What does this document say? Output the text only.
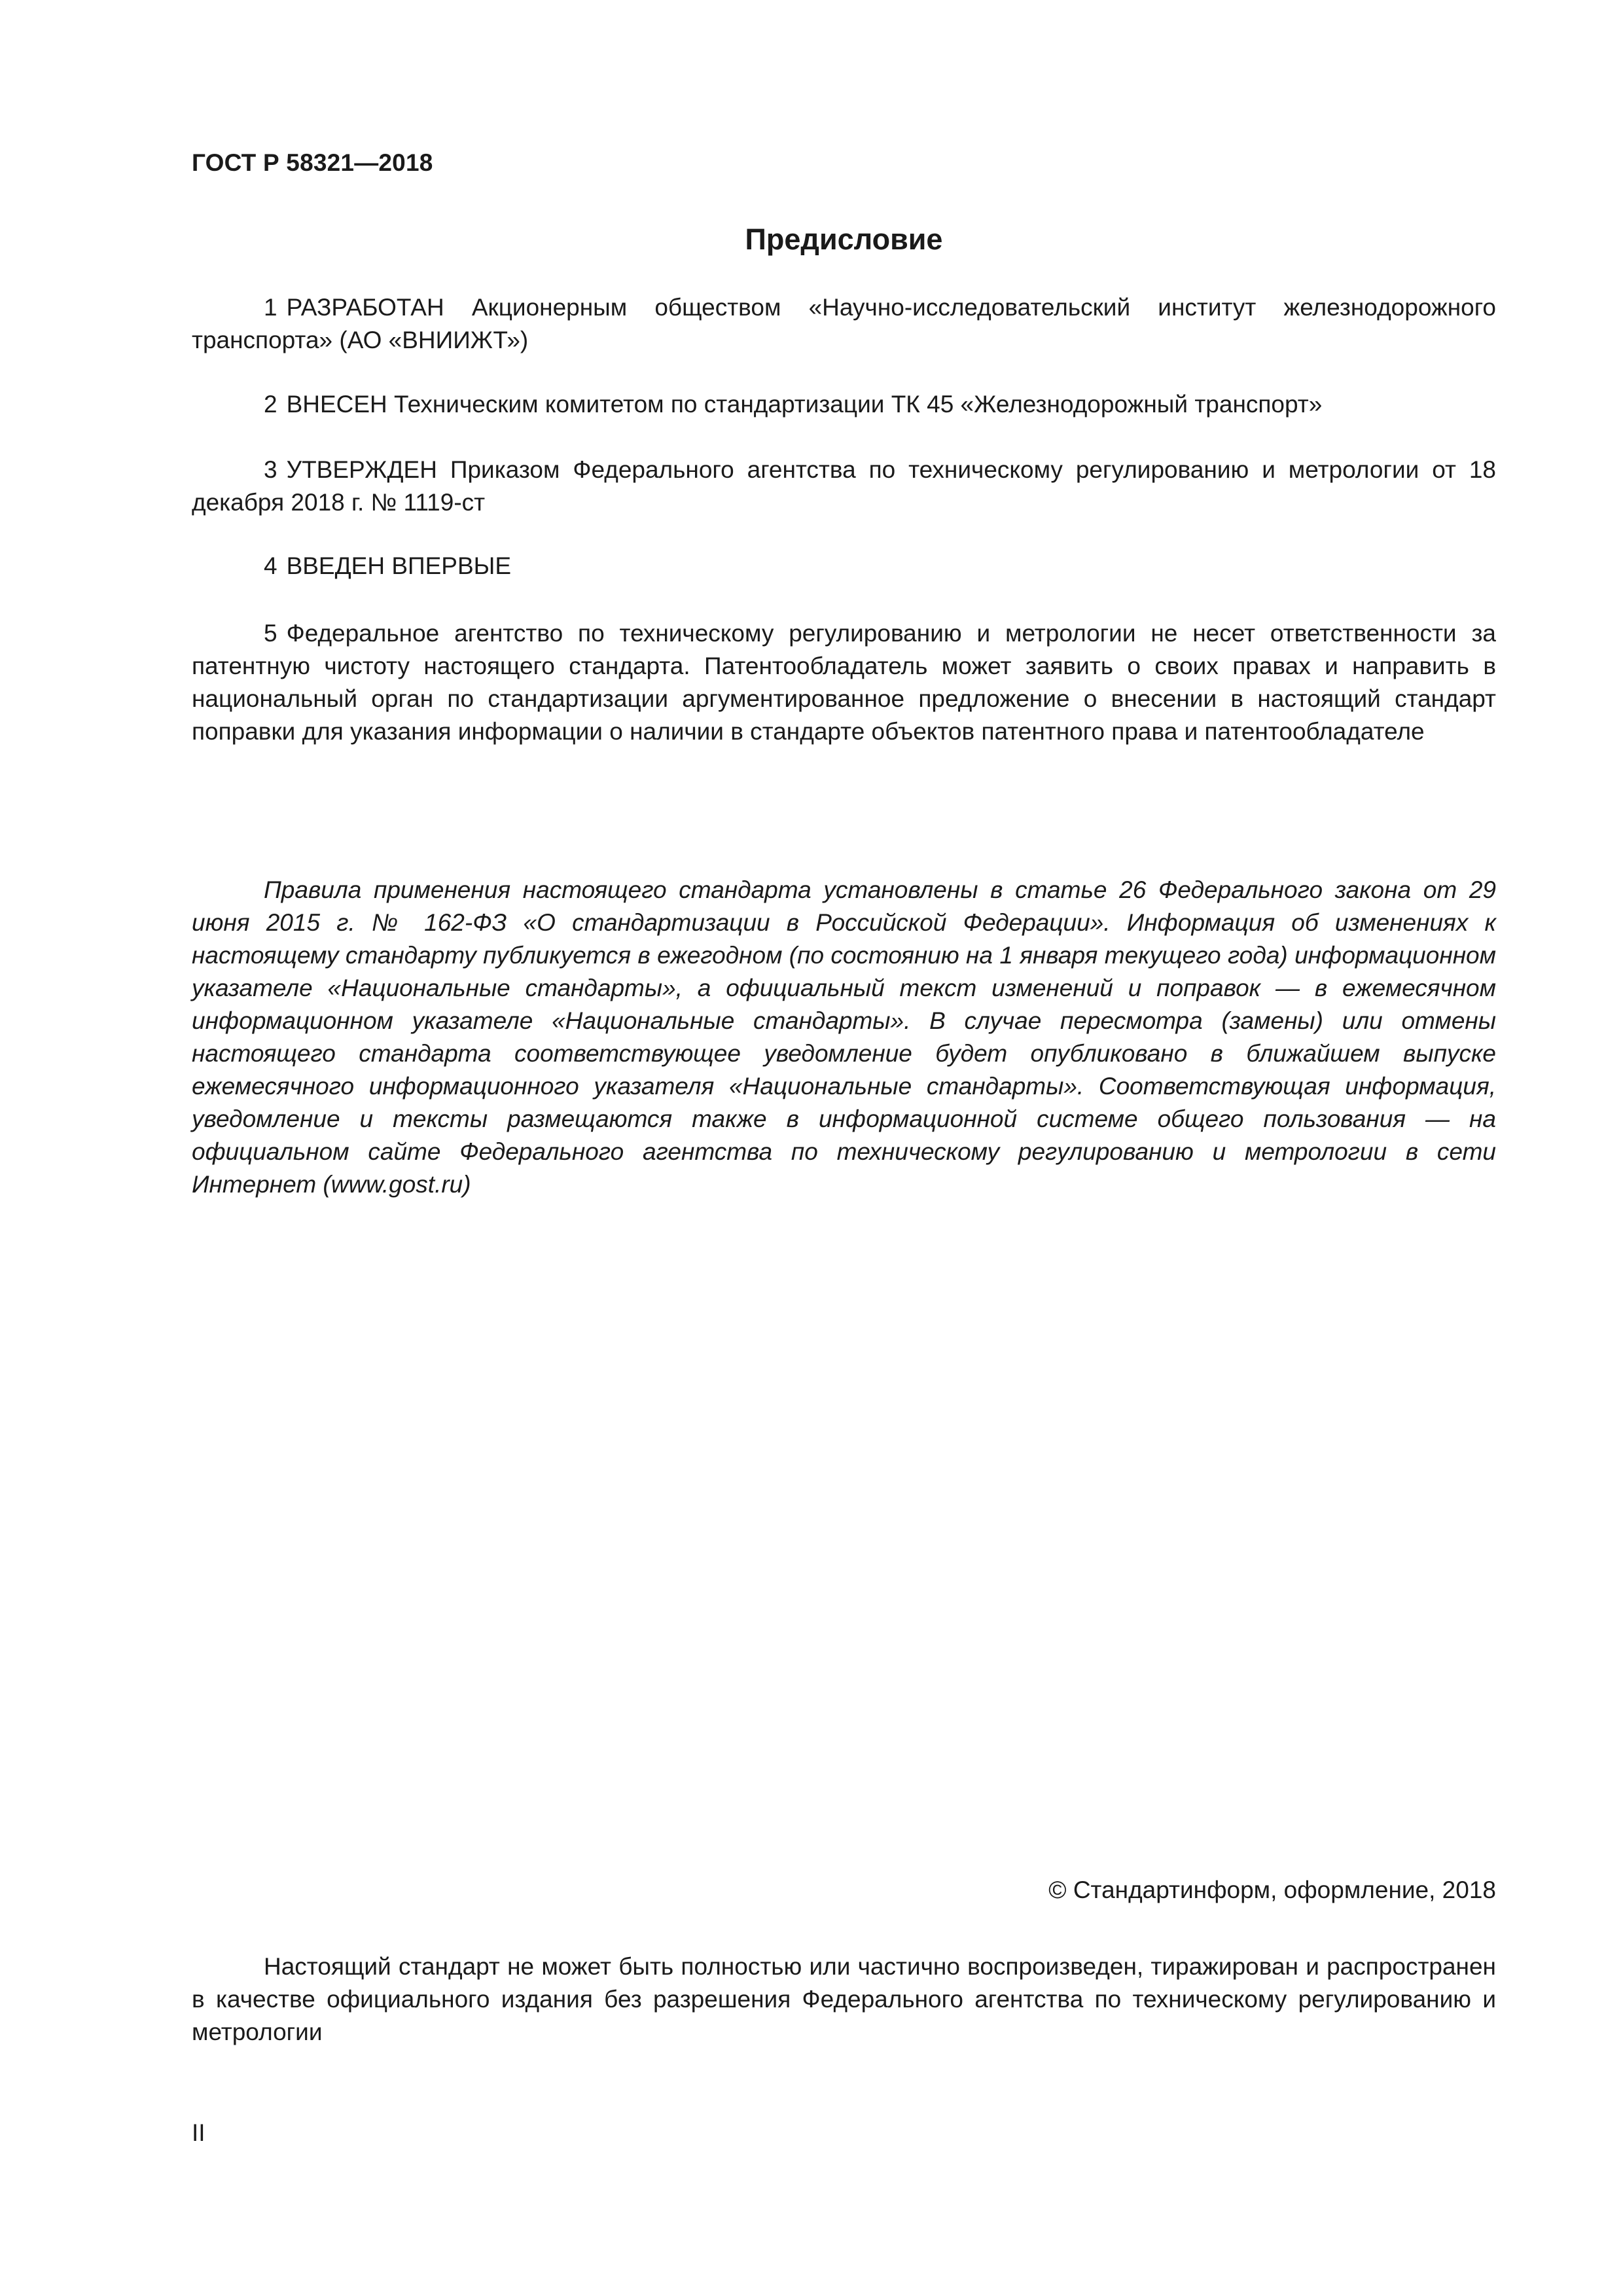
ГОСТ Р 58321—2018
Предисловие

1 РАЗРАБОТАН Акционерным обществом «Научно-исследовательский институт железнодорожного транспорта» (АО «ВНИИЖТ»)

2 ВНЕСЕН Техническим комитетом по стандартизации ТК 45 «Железнодорожный транспорт»

3 УТВЕРЖДЕН Приказом Федерального агентства по техническому регулированию и метрологии от 18 декабря 2018 г. № 1119-ст

4 ВВЕДЕН ВПЕРВЫЕ

5 Федеральное агентство по техническому регулированию и метрологии не несет ответственности за патентную чистоту настоящего стандарта. Патентообладатель может заявить о своих правах и направить в национальный орган по стандартизации аргументированное предложение о внесении в настоящий стандарт поправки для указания информации о наличии в стандарте объектов патентного права и патентообладателе

Правила применения настоящего стандарта установлены в статье 26 Федерального закона от 29 июня 2015 г. № 162-ФЗ «О стандартизации в Российской Федерации». Информация об изменениях к настоящему стандарту публикуется в ежегодном (по состоянию на 1 января текущего года) информационном указателе «Национальные стандарты», а официальный текст изменений и поправок — в ежемесячном информационном указателе «Национальные стандарты». В случае пересмотра (замены) или отмены настоящего стандарта соответствующее уведомление будет опубликовано в ближайшем выпуске ежемесячного информационного указателя «Национальные стандарты». Соответствующая информация, уведомление и тексты размещаются также в информационной системе общего пользования — на официальном сайте Федерального агентства по техническому регулированию и метрологии в сети Интернет (www.gost.ru)

© Стандартинформ, оформление, 2018

Настоящий стандарт не может быть полностью или частично воспроизведен, тиражирован и распространен в качестве официального издания без разрешения Федерального агентства по техническому регулированию и метрологии

II
